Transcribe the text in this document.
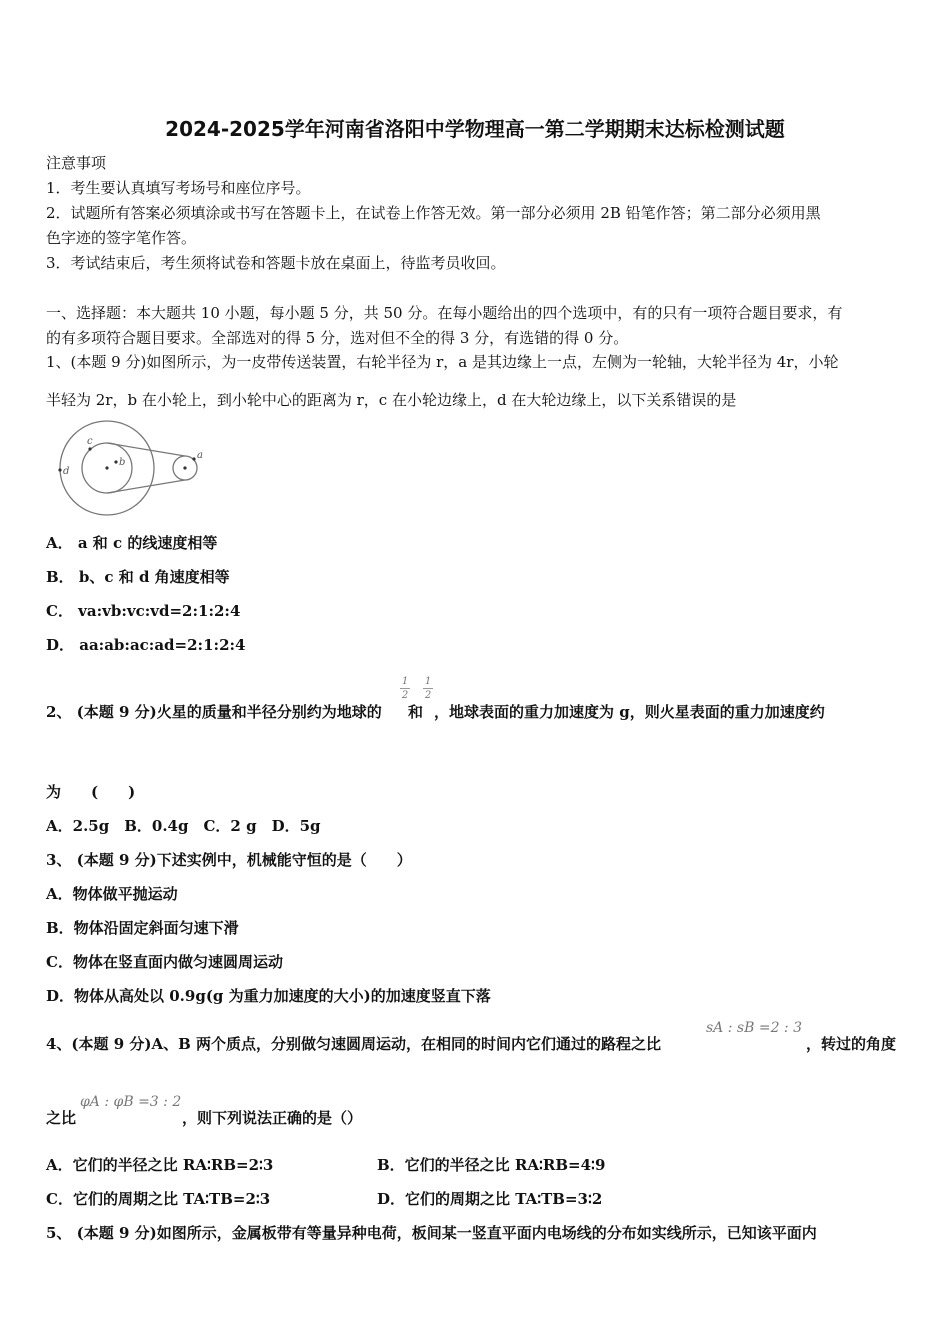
2024-2025学年河南省洛阳中学物理高一第二学期期末达标检测试题
注意事项
1．考生要认真填写考场号和座位序号。
2．试题所有答案必须填涂或书写在答题卡上，在试卷上作答无效。第一部分必须用 2B 铅笔作答；第二部分必须用黑
色字迹的签字笔作答。
3．考试结束后，考生须将试卷和答题卡放在桌面上，待监考员收回。
一、选择题：本大题共 10 小题，每小题 5 分，共 50 分。在每小题给出的四个选项中，有的只有一项符合题目要求，有
的有多项符合题目要求。全部选对的得 5 分，选对但不全的得 3 分，有选错的得 0 分。
1、(本题 9 分)如图所示，为一皮带传送装置，右轮半径为 r，a 是其边缘上一点，左侧为一轮轴，大轮半径为 4r，小轮
半轻为 2r，b 在小轮上，到小轮中心的距离为 r，c 在小轮边缘上，d 在大轮边缘上，以下关系错误的是
a
b
c
d
A． a 和 c 的线速度相等
B． b、c 和 d 角速度相等
C． va:vb:vc:vd=2:1:2:4
D． aa:ab:ac:ad=2:1:2:4
2、 (本题 9 分)火星的质量和半径分别约为地球的
1
2
和
1
2
，地球表面的重力加速度为 g，则火星表面的重力加速度约
为　　(　　)
A．2.5g　B．0.4g　C．2 g　D．5g
3、 (本题 9 分)下述实例中，机械能守恒的是（　　）
A．物体做平抛运动
B．物体沿固定斜面匀速下滑
C．物体在竖直面内做匀速圆周运动
D．物体从高处以 0.9g(g 为重力加速度的大小)的加速度竖直下落
4、(本题 9 分)A、B 两个质点，分别做匀速圆周运动，在相同的时间内它们通过的路程之比
sA : sB =2 : 3
，转过的角度
之比
φA : φB =3 : 2
，则下列说法正确的是（）
A．它们的半径之比 RA∶RB=2∶3	B．它们的半径之比 RA∶RB=4∶9
C．它们的周期之比 TA∶TB=2∶3	D．它们的周期之比 TA∶TB=3∶2
5、 (本题 9 分)如图所示，金属板带有等量异种电荷，板间某一竖直平面内电场线的分布如实线所示，已知该平面内
